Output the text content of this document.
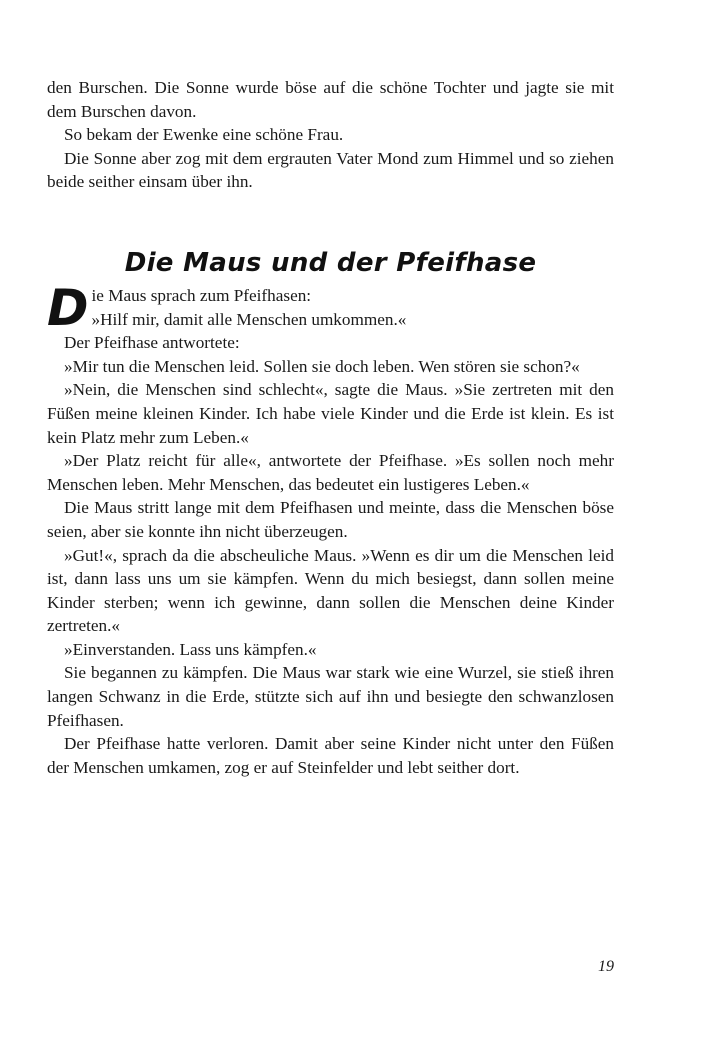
den Burschen. Die Sonne wurde böse auf die schöne Tochter und jagte sie mit dem Burschen davon.

So bekam der Ewenke eine schöne Frau.

Die Sonne aber zog mit dem ergrauten Vater Mond zum Himmel und so ziehen beide seither einsam über ihn.

Die Maus und der Pfeifhase

Die Maus sprach zum Pfeifhasen:
»Hilf mir, damit alle Menschen umkommen.«

Der Pfeifhase antwortete:

»Mir tun die Menschen leid. Sollen sie doch leben. Wen stören sie schon?«

»Nein, die Menschen sind schlecht«, sagte die Maus. »Sie zertreten mit den Füßen meine kleinen Kinder. Ich habe viele Kinder und die Erde ist klein. Es ist kein Platz mehr zum Leben.«

»Der Platz reicht für alle«, antwortete der Pfeifhase. »Es sollen noch mehr Menschen leben. Mehr Menschen, das bedeutet ein lustigeres Leben.«

Die Maus stritt lange mit dem Pfeifhasen und meinte, dass die Menschen böse seien, aber sie konnte ihn nicht überzeugen.

»Gut!«, sprach da die abscheuliche Maus. »Wenn es dir um die Menschen leid ist, dann lass uns um sie kämpfen. Wenn du mich besiegst, dann sollen meine Kinder sterben; wenn ich gewinne, dann sollen die Menschen deine Kinder zertreten.«

»Einverstanden. Lass uns kämpfen.«

Sie begannen zu kämpfen. Die Maus war stark wie eine Wurzel, sie stieß ihren langen Schwanz in die Erde, stützte sich auf ihn und besiegte den schwanzlosen Pfeifhasen.

Der Pfeifhase hatte verloren. Damit aber seine Kinder nicht unter den Füßen der Menschen umkamen, zog er auf Steinfelder und lebt seither dort.

19
